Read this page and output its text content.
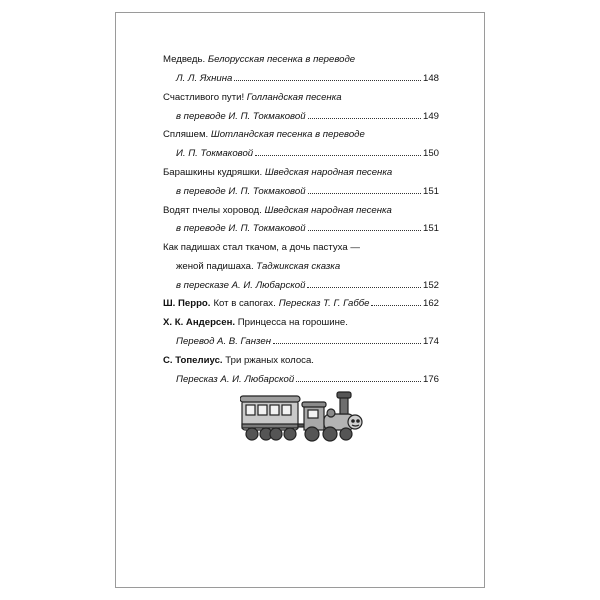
Медведь. Белорусская песенка в переводе
Л. Л. Яхнина	148
Счастливого пути! Голландская песенка
в переводе И. П. Токмаковой	149
Спляшем. Шотландская песенка в переводе
И. П. Токмаковой	150
Барашкины кудряшки. Шведская народная песенка
в переводе И. П. Токмаковой	151
Водят пчелы хоровод. Шведская народная песенка
в переводе И. П. Токмаковой	151
Как падишах стал ткачом, а дочь пастуха —
жeной падишаха. Таджикская сказка
в пересказе А. И. Любарской	152
Ш. Перро. Кот в сапогах. Пересказ Т. Г. Габбе	162
Х. К. Андерсен. Принцесса на горошине.
Перевод А. В. Ганзен	174
С. Топелиус. Три ржаных колоса.
Пересказ А. И. Любарской	176
